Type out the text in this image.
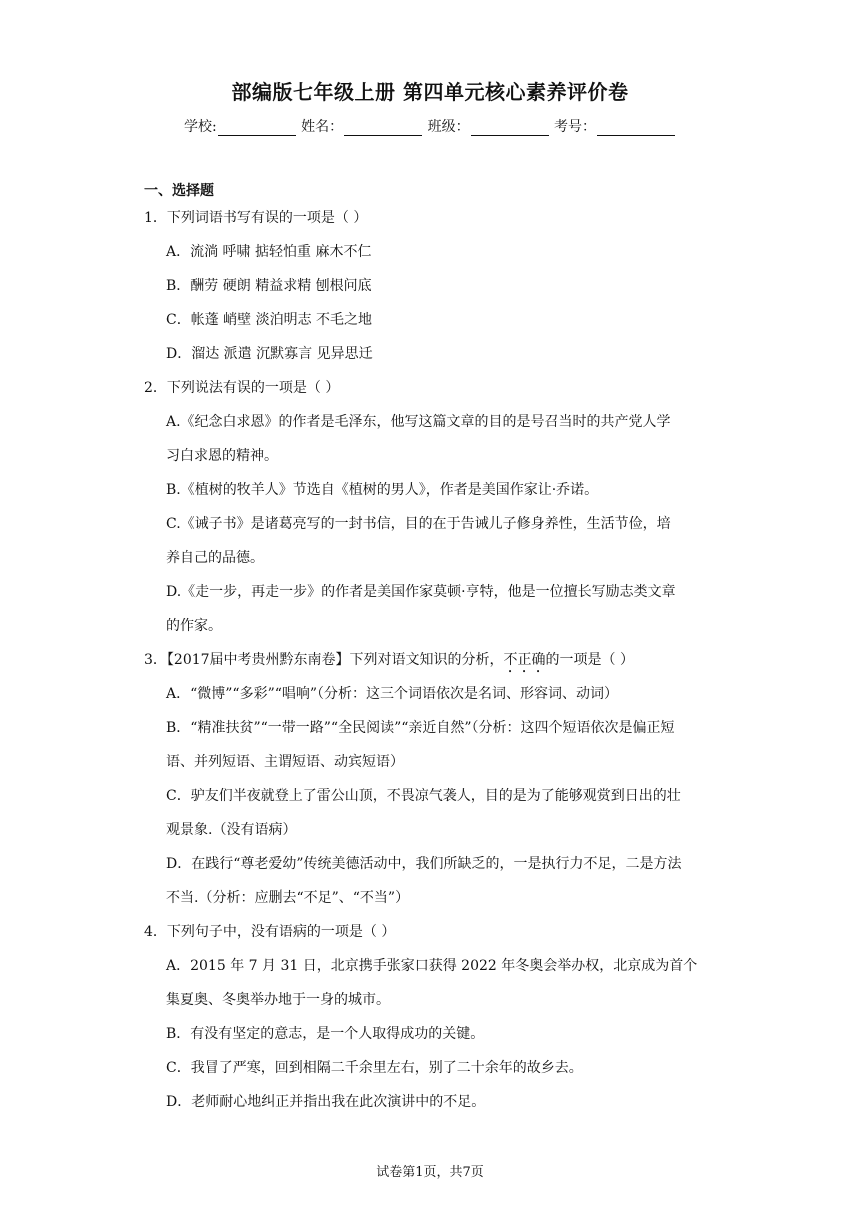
部编版七年级上册 第四单元核心素养评价卷
学校:	姓名：	班级：	考号：
一、选择题
1．下列词语书写有误的一项是（ ）
A．流淌 呼啸 掂轻怕重 麻木不仁
B．酬劳 硬朗 精益求精 刨根问底
C．帐蓬 峭壁 淡泊明志 不毛之地
D．溜达 派遣 沉默寡言 见异思迁
2．下列说法有误的一项是（ ）
A.《纪念白求恩》的作者是毛泽东，他写这篇文章的目的是号召当时的共产党人学
习白求恩的精神。
B.《植树的牧羊人》节选自《植树的男人》，作者是美国作家让·乔诺。
C.《诫子书》是诸葛亮写的一封书信，目的在于告诫儿子修身养性，生活节俭，培
养自己的品德。
D.《走一步，再走一步》的作者是美国作家莫顿·亨特，他是一位擅长写励志类文章
的作家。
3．【2017届中考贵州黔东南卷】下列对语文知识的分析，不正确的一项是（ ）
A．“微博”“多彩”“唱响”（分析：这三个词语依次是名词、形容词、动词）
B．“精准扶贫”“一带一路”“全民阅读”“亲近自然”（分析：这四个短语依次是偏正短
语、并列短语、主谓短语、动宾短语）
C．驴友们半夜就登上了雷公山顶，不畏凉气袭人，目的是为了能够观赏到日出的壮
观景象.（没有语病）
D．在践行“尊老爱幼”传统美德活动中，我们所缺乏的，一是执行力不足，二是方法
不当.（分析：应删去“不足”、“不当”）
4．下列句子中，没有语病的一项是（ ）
A．2015 年 7 月 31 日，北京携手张家口获得 2022 年冬奥会举办权，北京成为首个
集夏奥、冬奥举办地于一身的城市。
B．有没有坚定的意志，是一个人取得成功的关键。
C．我冒了严寒，回到相隔二千余里左右，别了二十余年的故乡去。
D．老师耐心地纠正并指出我在此次演讲中的不足。
试卷第1页，共7页
